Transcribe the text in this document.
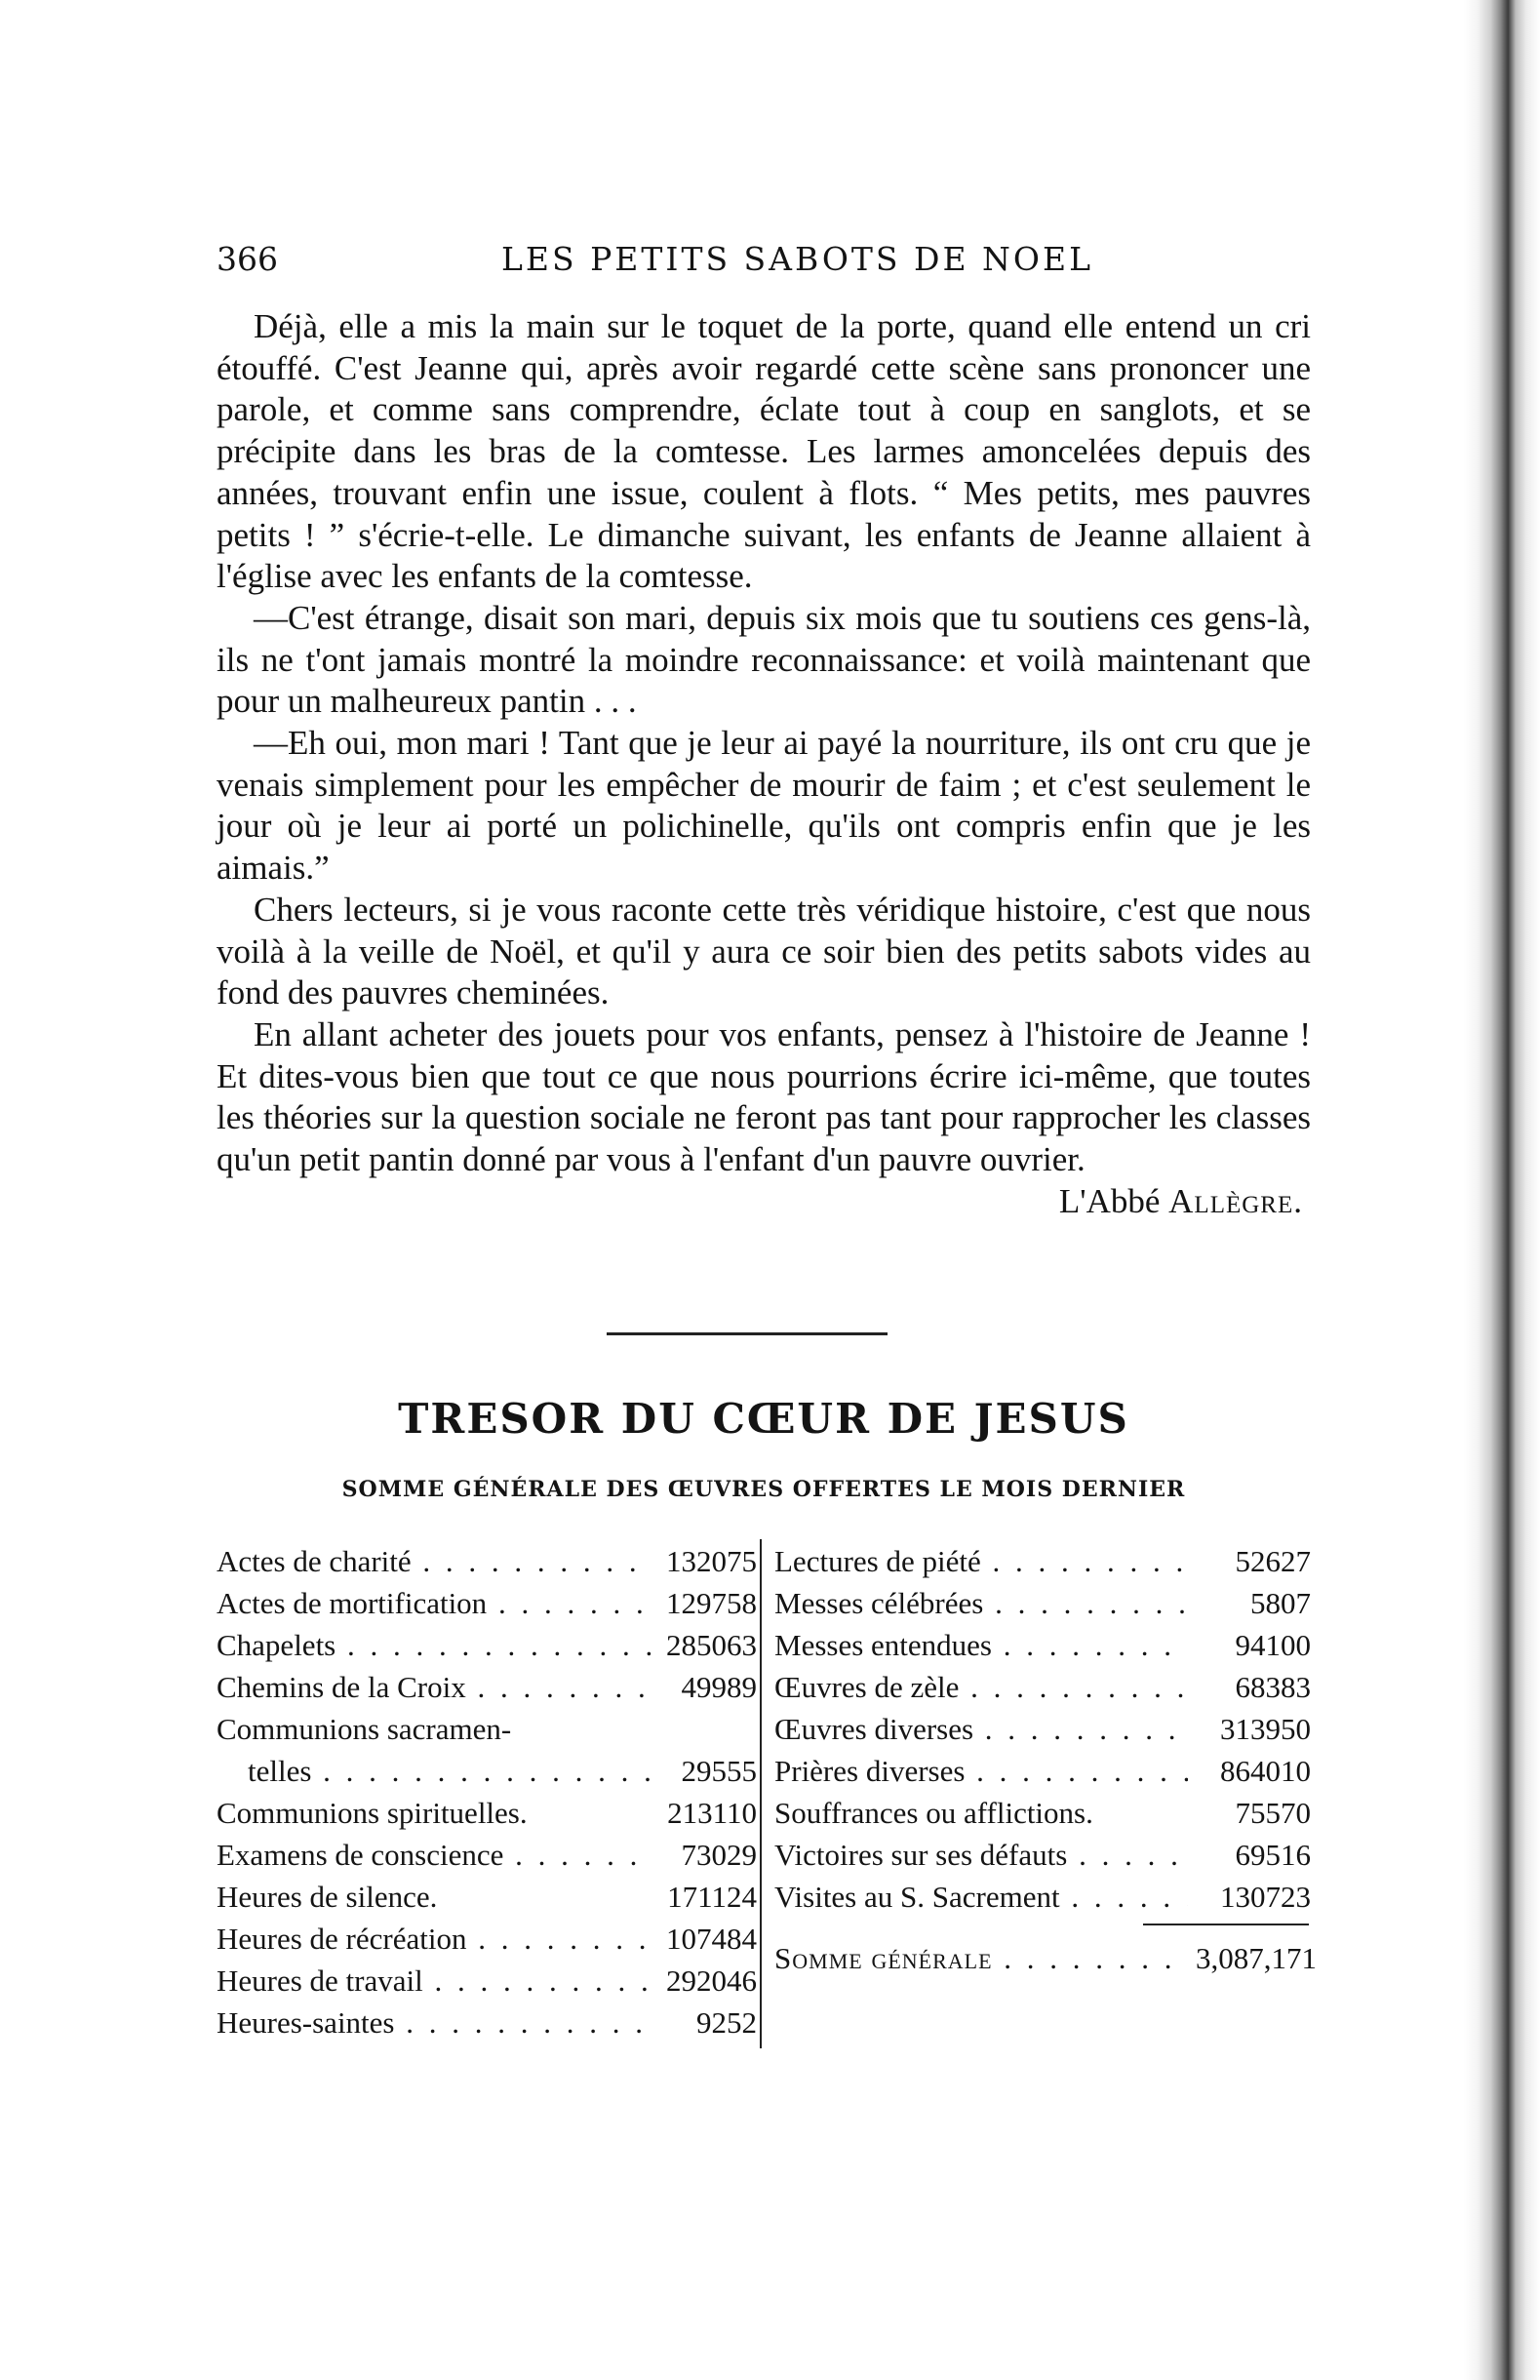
366	LES PETITS SABOTS DE NOEL

Déjà, elle a mis la main sur le toquet de la porte, quand elle entend un cri étouffé. C'est Jeanne qui, après avoir regardé cette scène sans prononcer une parole, et comme sans comprendre, éclate tout à coup en sanglots, et se précipite dans les bras de la comtesse. Les larmes amoncelées depuis des années, trouvant enfin une issue, coulent à flots. “ Mes petits, mes pauvres petits ! ” s'écrie-t-elle. Le dimanche suivant, les enfants de Jeanne allaient à l'église avec les enfants de la comtesse.

—C'est étrange, disait son mari, depuis six mois que tu soutiens ces gens-là, ils ne t'ont jamais montré la moindre reconnaissance: et voilà maintenant que pour un malheureux pantin . . .

—Eh oui, mon mari ! Tant que je leur ai payé la nourriture, ils ont cru que je venais simplement pour les empêcher de mourir de faim ; et c'est seulement le jour où je leur ai porté un polichinelle, qu'ils ont compris enfin que je les aimais.”

Chers lecteurs, si je vous raconte cette très véridique histoire, c'est que nous voilà à la veille de Noël, et qu'il y aura ce soir bien des petits sabots vides au fond des pauvres cheminées.

En allant acheter des jouets pour vos enfants, pensez à l'histoire de Jeanne ! Et dites-vous bien que tout ce que nous pourrions écrire ici-même, que toutes les théories sur la question sociale ne feront pas tant pour rapprocher les classes qu'un petit pantin donné par vous à l'enfant d'un pauvre ouvrier.
L'Abbé Allègre.

TRESOR DU CŒUR DE JESUS
SOMME GÉNÉRALE DES ŒUVRES OFFERTES LE MOIS DERNIER
Actes de charité . . .	132075
Actes de mortification . . .	129758
Chapelets . . .	285063
Chemins de la Croix . . .	49989
Communions sacramen-
telles . . .	29555
Communions spirituelles.	213110
Examens de conscience . . .	73029
Heures de silence.	171124
Heures de récréation . . .	107484
Heures de travail . . .	292046
Heures-saintes . . .	9252
Lectures de piété . . .	52627
Messes célébrées . . .	5807
Messes entendues . . .	94100
Œuvres de zèle . . .	68383
Œuvres diverses . . .	313950
Prières diverses . . .	864010
Souffrances ou afflictions.	75570
Victoires sur ses défauts . . .	69516
Visites au S. Sacrement . . .	130723
Somme générale . . .	3,087,171
